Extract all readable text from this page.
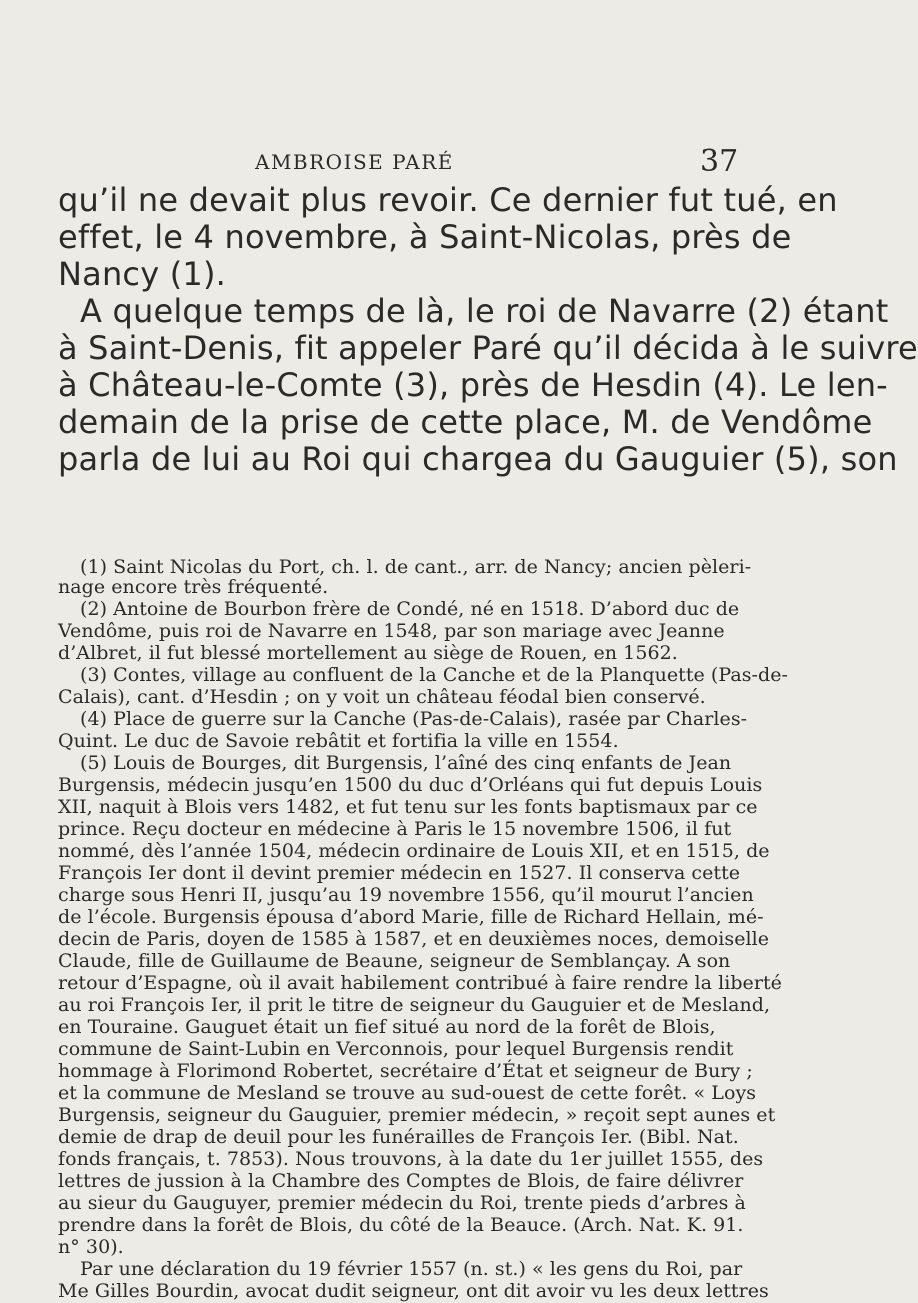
AMBROISE PARÉ	37
qu’il ne devait plus revoir. Ce dernier fut tué, en
effet, le 4 novembre, à Saint-Nicolas, près de
Nancy (1).
A quelque temps de là, le roi de Navarre (2) étant
à Saint-Denis, fit appeler Paré qu’il décida à le suivre
à Château-le-Comte (3), près de Hesdin (4). Le len-
demain de la prise de cette place, M. de Vendôme
parla de lui au Roi qui chargea du Gauguier (5), son
(1) Saint Nicolas du Port, ch. l. de cant., arr. de Nancy; ancien pèleri-
nage encore très fréquenté.
(2) Antoine de Bourbon frère de Condé, né en 1518. D’abord duc de
Vendôme, puis roi de Navarre en 1548, par son mariage avec Jeanne
d’Albret, il fut blessé mortellement au siège de Rouen, en 1562.
(3) Contes, village au confluent de la Canche et de la Planquette (Pas-de-
Calais), cant. d’Hesdin ; on y voit un château féodal bien conservé.
(4) Place de guerre sur la Canche (Pas-de-Calais), rasée par Charles-
Quint. Le duc de Savoie rebâtit et fortifia la ville en 1554.
(5) Louis de Bourges, dit Burgensis, l’aîné des cinq enfants de Jean
Burgensis, médecin jusqu’en 1500 du duc d’Orléans qui fut depuis Louis
XII, naquit à Blois vers 1482, et fut tenu sur les fonts baptismaux par ce
prince. Reçu docteur en médecine à Paris le 15 novembre 1506, il fut
nommé, dès l’année 1504, médecin ordinaire de Louis XII, et en 1515, de
François Ier dont il devint premier médecin en 1527. Il conserva cette
charge sous Henri II, jusqu’au 19 novembre 1556, qu’il mourut l’ancien
de l’école. Burgensis épousa d’abord Marie, fille de Richard Hellain, mé-
decin de Paris, doyen de 1585 à 1587, et en deuxièmes noces, demoiselle
Claude, fille de Guillaume de Beaune, seigneur de Semblançay. A son
retour d’Espagne, où il avait habilement contribué à faire rendre la liberté
au roi François Ier, il prit le titre de seigneur du Gauguier et de Mesland,
en Touraine. Gauguet était un fief situé au nord de la forêt de Blois,
commune de Saint-Lubin en Verconnois, pour lequel Burgensis rendit
hommage à Florimond Robertet, secrétaire d’État et seigneur de Bury ;
et la commune de Mesland se trouve au sud-ouest de cette forêt. « Loys
Burgensis, seigneur du Gauguier, premier médecin, » reçoit sept aunes et
demie de drap de deuil pour les funérailles de François Ier. (Bibl. Nat.
fonds français, t. 7853). Nous trouvons, à la date du 1er juillet 1555, des
lettres de jussion à la Chambre des Comptes de Blois, de faire délivrer
au sieur du Gauguyer, premier médecin du Roi, trente pieds d’arbres à
prendre dans la forêt de Blois, du côté de la Beauce. (Arch. Nat. K. 91.
n° 30).
Par une déclaration du 19 février 1557 (n. st.) « les gens du Roi, par
Me Gilles Bourdin, avocat dudit seigneur, ont dit avoir vu les deux lettres
